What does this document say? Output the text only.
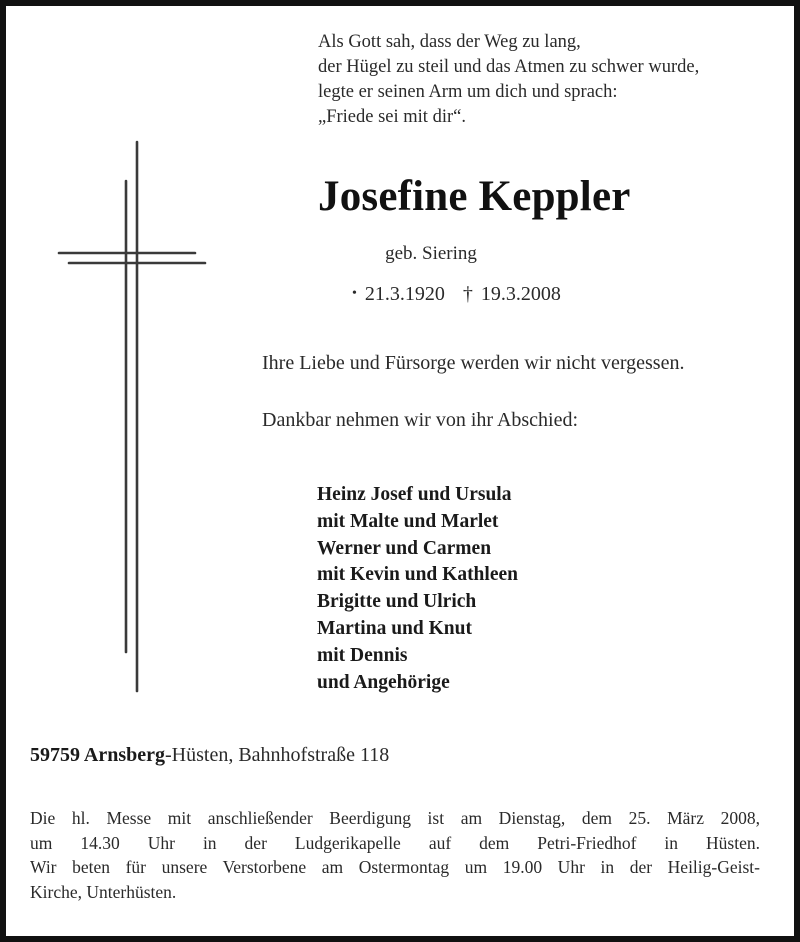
Als Gott sah, dass der Weg zu lang,
der Hügel zu steil und das Atmen zu schwer wurde,
legte er seinen Arm um dich und sprach:
„Friede sei mit dir“.
Josefine Keppler
geb. Siering
• 21.3.1920 † 19.3.2008
Ihre Liebe und Fürsorge werden wir nicht vergessen.
Dankbar nehmen wir von ihr Abschied:
Heinz Josef und Ursula
mit Malte und Marlet
Werner und Carmen
mit Kevin und Kathleen
Brigitte und Ulrich
Martina und Knut
mit Dennis
und Angehörige
59759 Arnsberg-Hüsten, Bahnhofstraße 118
Die hl. Messe mit anschließender Beerdigung ist am Dienstag, dem 25. März 2008,
um 14.30 Uhr in der Ludgerikapelle auf dem Petri-Friedhof in Hüsten.
Wir beten für unsere Verstorbene am Ostermontag um 19.00 Uhr in der Heilig-Geist-
Kirche, Unterhüsten.
